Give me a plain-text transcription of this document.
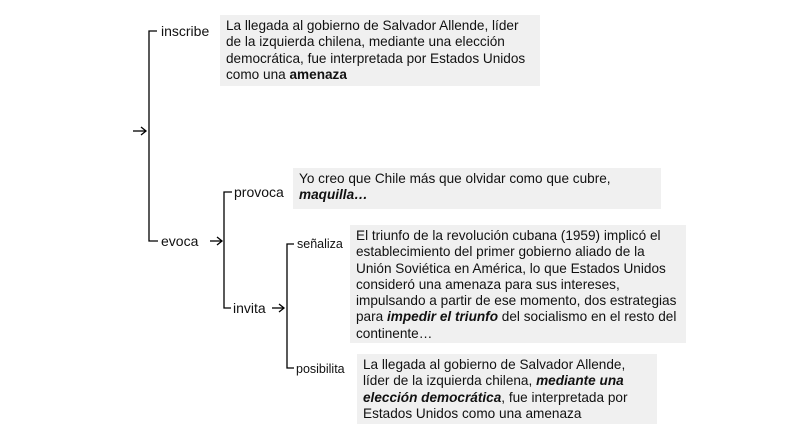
inscribe
evoca
provoca
invita
señaliza
posibilita
La llegada al gobierno de Salvador Allende, líder de la izquierda chilena, mediante una elección democrática, fue interpretada por Estados Unidos como una amenaza
Yo creo que Chile más que olvidar como que cubre, maquilla…
El triunfo de la revolución cubana (1959) implicó el establecimiento del primer gobierno aliado de la Unión Soviética en América, lo que Estados Unidos consideró una amenaza para sus intereses, impulsando a partir de ese momento, dos estrategias para impedir el triunfo del socialismo en el resto del continente…
La llegada al gobierno de Salvador Allende, líder de la izquierda chilena, mediante una elección democrática, fue interpretada por Estados Unidos como una amenaza
